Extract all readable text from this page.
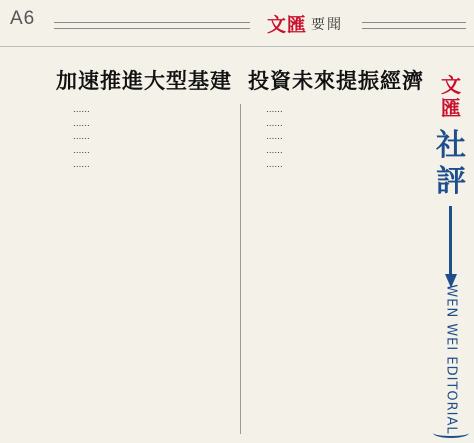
A6	文匯 要聞
加速推進大型基建 投資未來提振經濟

……

……

……

……

……

……

……

……

……

……

文匯
社評
WEN WEI EDITORIAL
